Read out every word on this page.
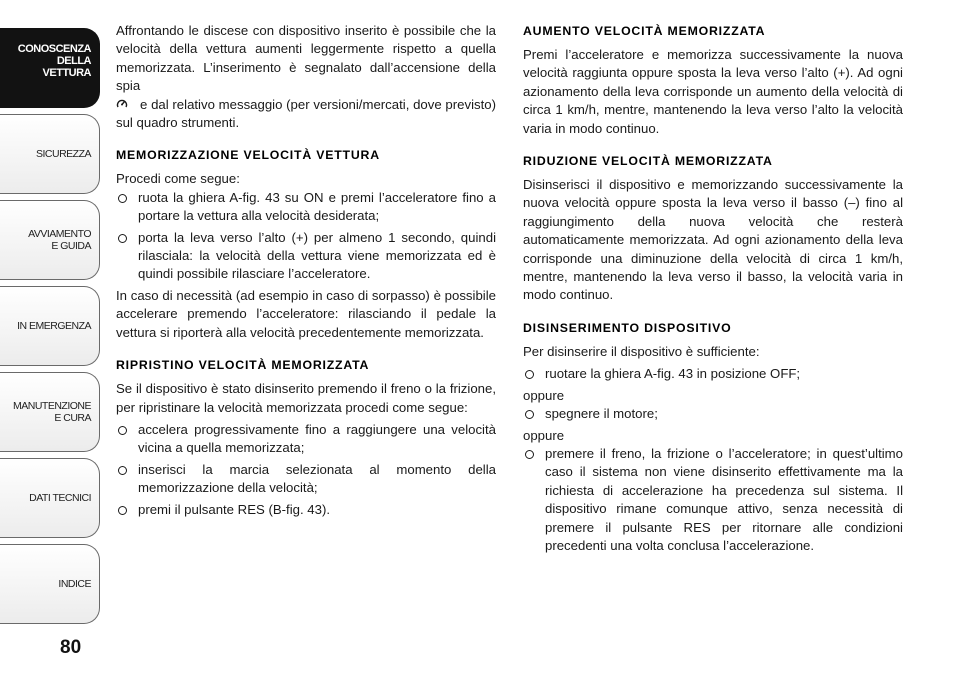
CONOSCENZA
DELLA
VETTURA
SICUREZZA
AVVIAMENTO
E GUIDA
IN EMERGENZA
MANUTENZIONE
E CURA
DATI TECNICI
INDICE
80

Affrontando le discese con dispositivo inserito è possibile che la velocità della vettura aumenti leggermente rispetto a quella memorizzata. L’inserimento è segnalato dall’accensione della spia
e dal relativo messaggio (per versioni/mercati, dove previsto) sul quadro strumenti.

MEMORIZZAZIONE VELOCITÀ VETTURA

Procedi come segue:

ruota la ghiera A-fig. 43 su ON e premi l’acceleratore fino a portare la vettura alla velocità desiderata;
porta la leva verso l’alto (+) per almeno 1 secondo, quindi rilasciala: la velocità della vettura viene memorizzata ed è quindi possibile rilasciare l’acceleratore.

In caso di necessità (ad esempio in caso di sorpasso) è possibile accelerare premendo l’acceleratore: rilasciando il pedale la vettura si riporterà alla velocità precedentemente memorizzata.

RIPRISTINO VELOCITÀ MEMORIZZATA

Se il dispositivo è stato disinserito premendo il freno o la frizione, per ripristinare la velocità memorizzata procedi come segue:

accelera progressivamente fino a raggiungere una velocità vicina a quella memorizzata;
inserisci la marcia selezionata al momento della memorizzazione della velocità;
premi il pulsante RES (B-fig. 43).
AUMENTO VELOCITÀ MEMORIZZATA

Premi l’acceleratore e memorizza successivamente la nuova velocità raggiunta oppure sposta la leva verso l’alto (+). Ad ogni azionamento della leva corrisponde un aumento della velocità di circa 1 km/h, mentre, mantenendo la leva verso l’alto la velocità varia in modo continuo.

RIDUZIONE VELOCITÀ MEMORIZZATA

Disinserisci il dispositivo e memorizzando successivamente la nuova velocità oppure sposta la leva verso il basso (–) fino al raggiungimento della nuova velocità che resterà automaticamente memorizzata. Ad ogni azionamento della leva corrisponde una diminuzione della velocità di circa 1 km/h, mentre, mantenendo la leva verso il basso, la velocità varia in modo continuo.

DISINSERIMENTO DISPOSITIVO

Per disinserire il dispositivo è sufficiente:

ruotare la ghiera A-fig. 43 in posizione OFF;

oppure

spegnere il motore;

oppure

premere il freno, la frizione o l’acceleratore; in quest’ultimo caso il sistema non viene disinserito effettivamente ma la richiesta di accelerazione ha precedenza sul sistema. Il dispositivo rimane comunque attivo, senza necessità di premere il pulsante RES per ritornare alle condizioni precedenti una volta conclusa l’accelerazione.
